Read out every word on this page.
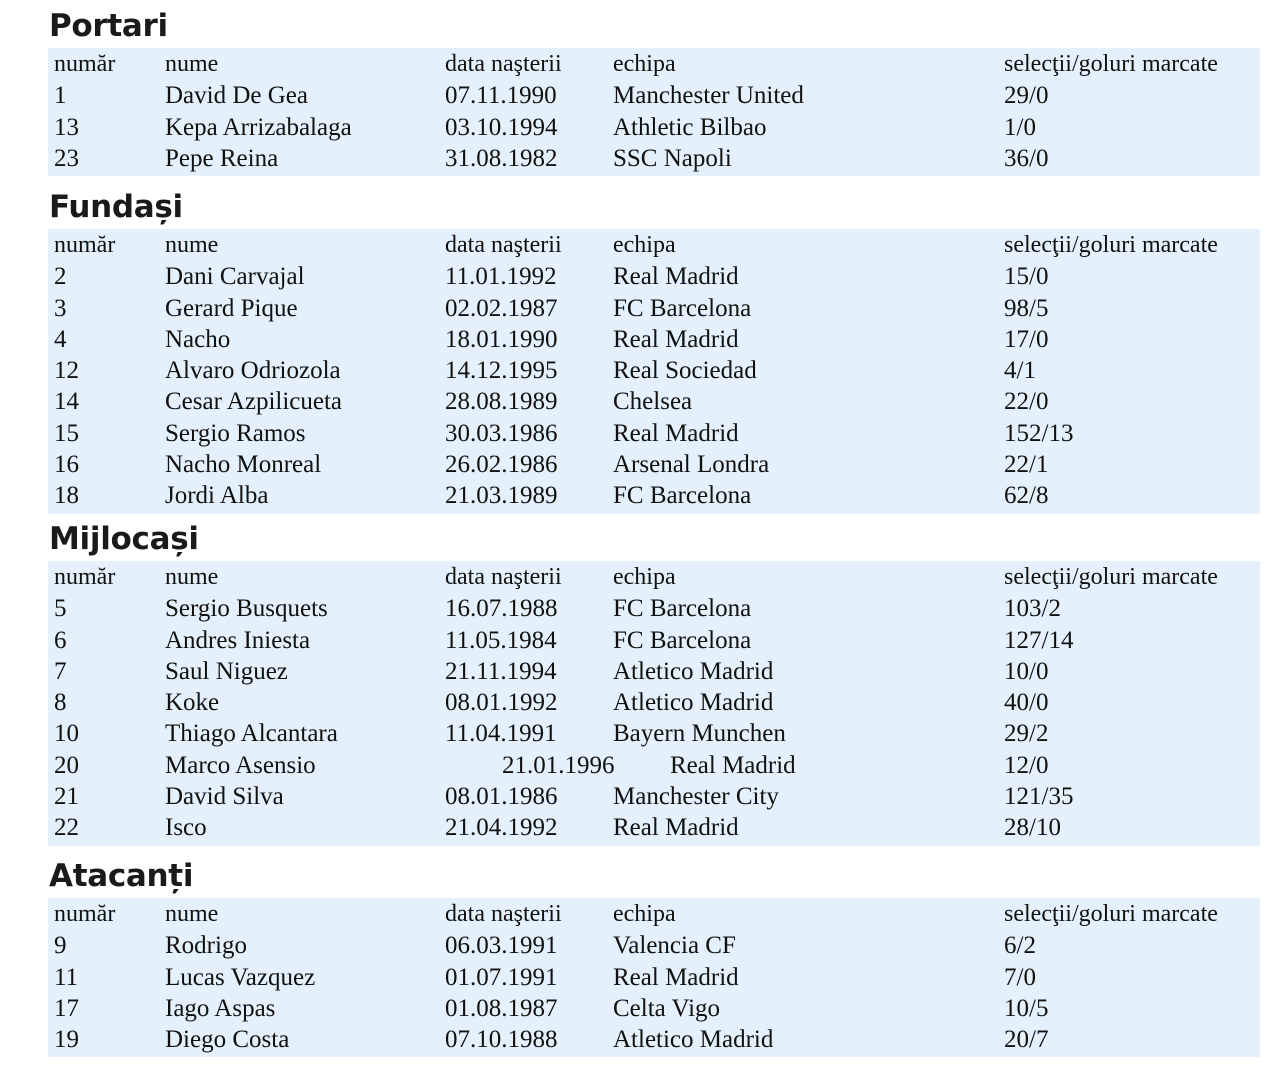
Portari
număr nume	data naşterii echipa	selecţii/goluri marcate
1	David De Gea	07.11.1990 Manchester United	29/0
13	Kepa Arrizabalaga	03.10.1994 Athletic Bilbao	1/0
23	Pepe Reina	31.08.1982 SSC Napoli	36/0
Fundași
număr nume	data naşterii echipa	selecţii/goluri marcate
2	Dani Carvajal	11.01.1992 Real Madrid	15/0
3	Gerard Pique	02.02.1987 FC Barcelona	98/5
4	Nacho	18.01.1990 Real Madrid	17/0
12	Alvaro Odriozola	14.12.1995 Real Sociedad	4/1
14	Cesar Azpilicueta	28.08.1989 Chelsea	22/0
15	Sergio Ramos	30.03.1986 Real Madrid	152/13
16	Nacho Monreal	26.02.1986 Arsenal Londra	22/1
18	Jordi Alba	21.03.1989 FC Barcelona	62/8
Mijlocași
număr nume	data naşterii echipa	selecţii/goluri marcate
5	Sergio Busquets	16.07.1988 FC Barcelona	103/2
6	Andres Iniesta	11.05.1984 FC Barcelona	127/14
7	Saul Niguez	21.11.1994 Atletico Madrid	10/0
8	Koke	08.01.1992 Atletico Madrid	40/0
10	Thiago Alcantara	11.04.1991 Bayern Munchen	29/2
20	Marco Asensio	21.01.1996 Real Madrid	12/0
21	David Silva	08.01.1986 Manchester City	121/35
22	Isco	21.04.1992 Real Madrid	28/10
Atacanți
număr nume	data naşterii echipa	selecţii/goluri marcate
9	Rodrigo	06.03.1991 Valencia CF	6/2
11	Lucas Vazquez	01.07.1991 Real Madrid	7/0
17	Iago Aspas	01.08.1987 Celta Vigo	10/5
19	Diego Costa	07.10.1988 Atletico Madrid	20/7
